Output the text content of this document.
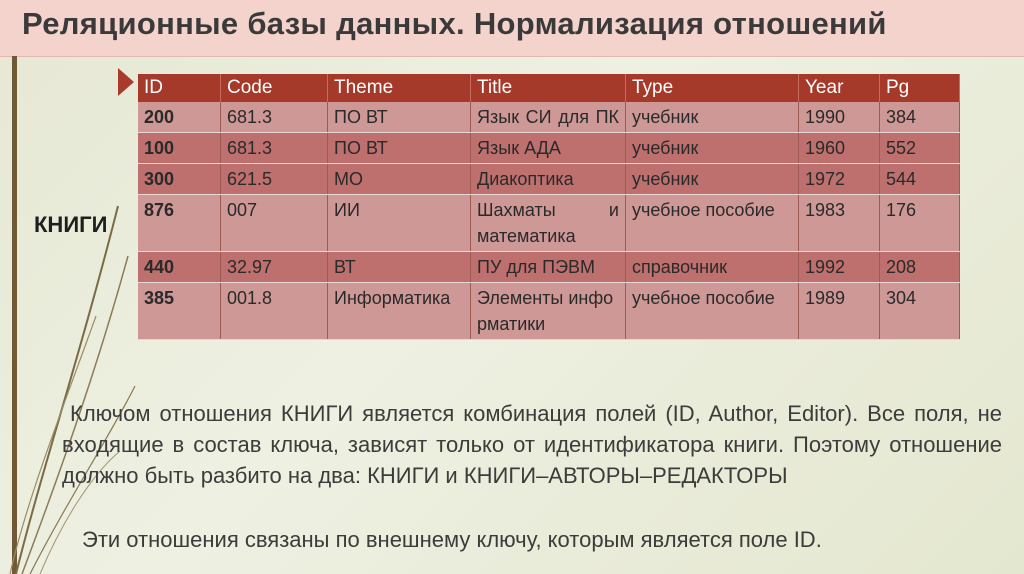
Реляционные базы данных. Нормализация отношений
КНИГИ
ID	Code	Theme	Title	Type	Year	Pg
200	681.3	ПО ВТ	Язык СИ для ПК	учебник	1990	384
100	681.3	ПО ВТ	Язык АДА	учебник	1960	552
300	621.5	МО	Диакоптика	учебник	1972	544
876	007	ИИ	Шахматы и математика	учебное пособие	1983	176
440	32.97	ВТ	ПУ для ПЭВМ	справочник	1992	208
385	001.8	Информатика	Элементы информатики	учебное пособие	1989	304
Ключом отношения КНИГИ является комбинация полей (ID, Author, Editor). Все поля, не входящие в состав ключа, зависят только от идентификатора книги. Поэтому отношение должно быть разбито на два: КНИГИ и КНИГИ–АВТОРЫ–РЕДАКТОРЫ
Эти отношения связаны по внешнему ключу, которым является поле ID.
